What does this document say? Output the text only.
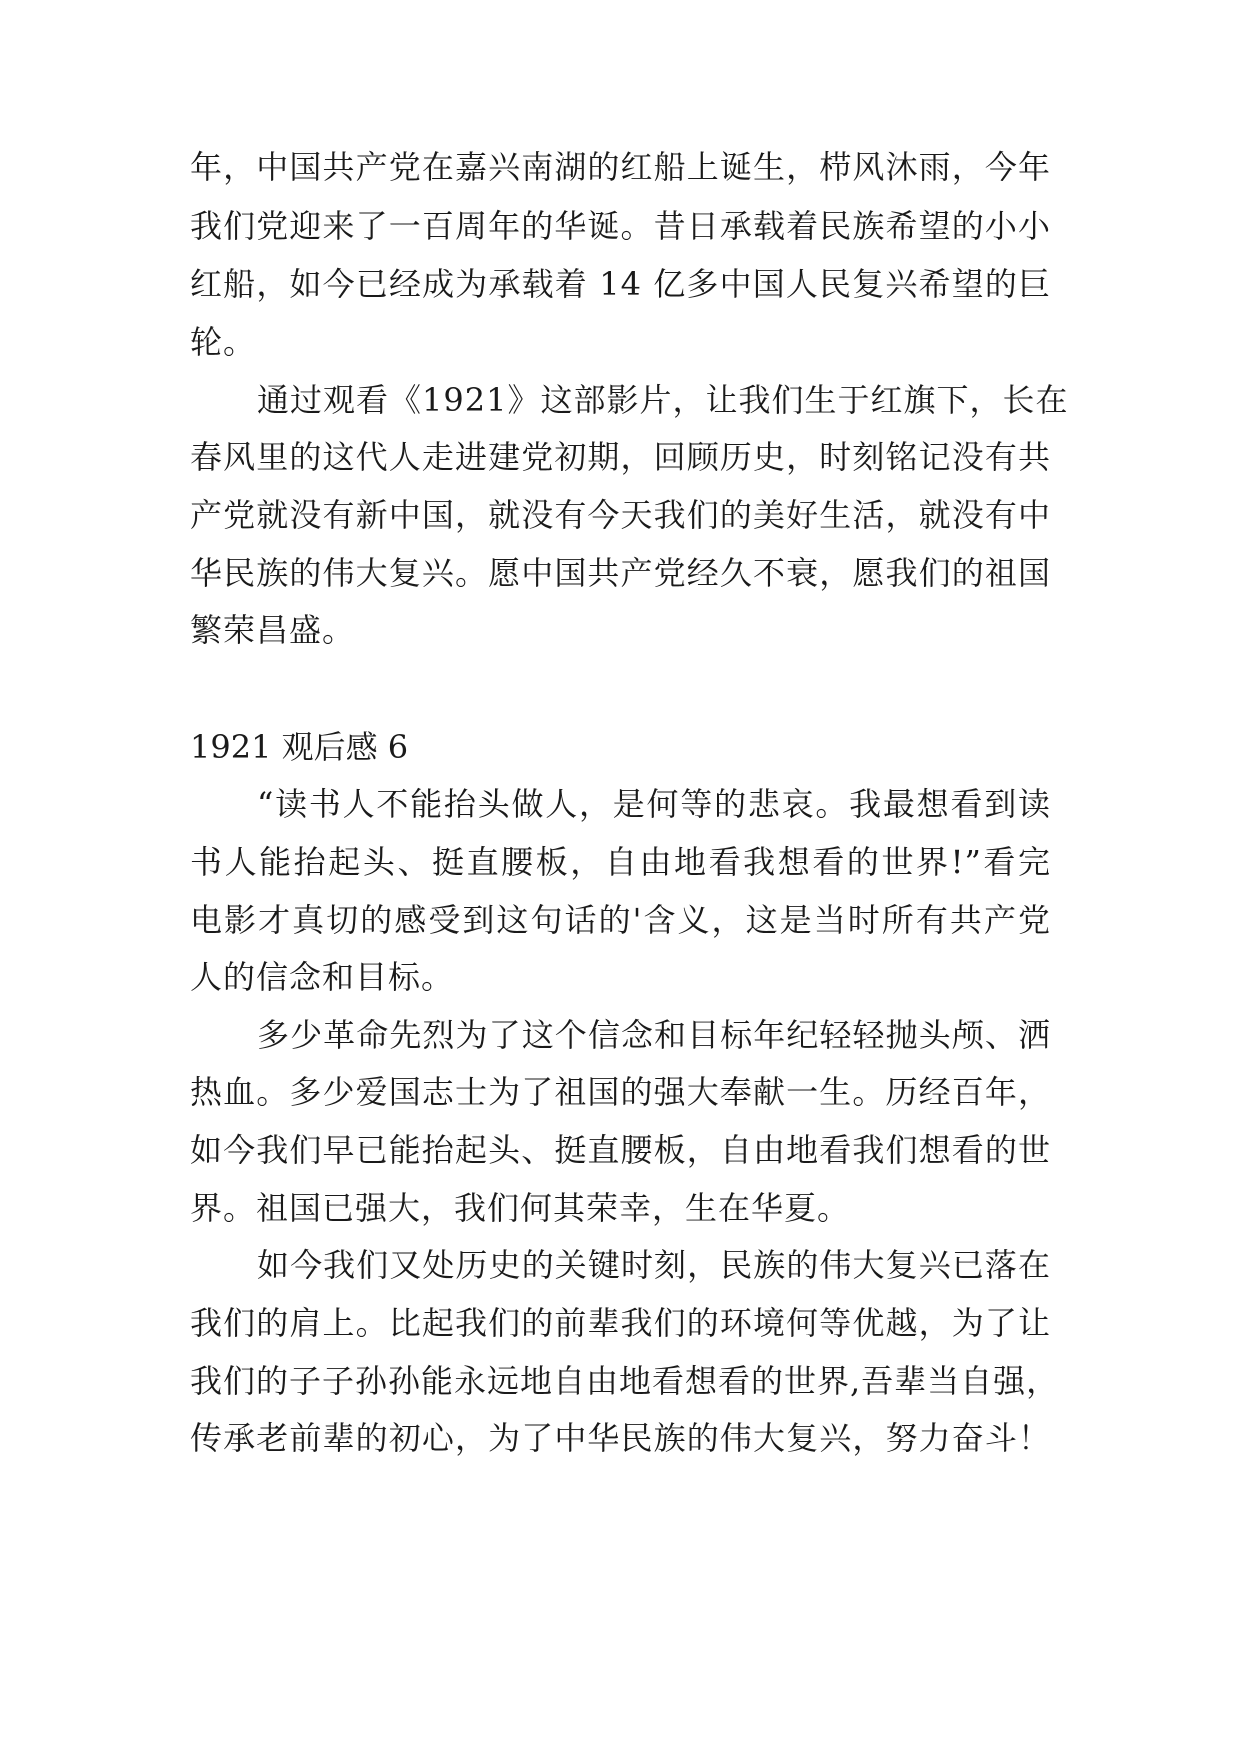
年，中国共产党在嘉兴南湖的红船上诞生，栉风沐雨，今年
我们党迎来了一百周年的华诞。昔日承载着民族希望的小小
红船，如今已经成为承载着 14 亿多中国人民复兴希望的巨
轮。
通过观看《1921》这部影片，让我们生于红旗下，长在
春风里的这代人走进建党初期，回顾历史，时刻铭记没有共
产党就没有新中国，就没有今天我们的美好生活，就没有中
华民族的伟大复兴。愿中国共产党经久不衰，愿我们的祖国
繁荣昌盛。
1921 观后感 6
“读书人不能抬头做人，是何等的悲哀。我最想看到读
书人能抬起头、挺直腰板，自由地看我想看的世界!”看完
电影才真切的感受到这句话的'含义，这是当时所有共产党
人的信念和目标。
多少革命先烈为了这个信念和目标年纪轻轻抛头颅、洒
热血。多少爱国志士为了祖国的强大奉献一生。历经百年，
如今我们早已能抬起头、挺直腰板，自由地看我们想看的世
界。祖国已强大，我们何其荣幸，生在华夏。
如今我们又处历史的关键时刻，民族的伟大复兴已落在
我们的肩上。比起我们的前辈我们的环境何等优越，为了让
我们的子子孙孙能永远地自由地看想看的世界,吾辈当自强，
传承老前辈的初心，为了中华民族的伟大复兴，努力奋斗！
